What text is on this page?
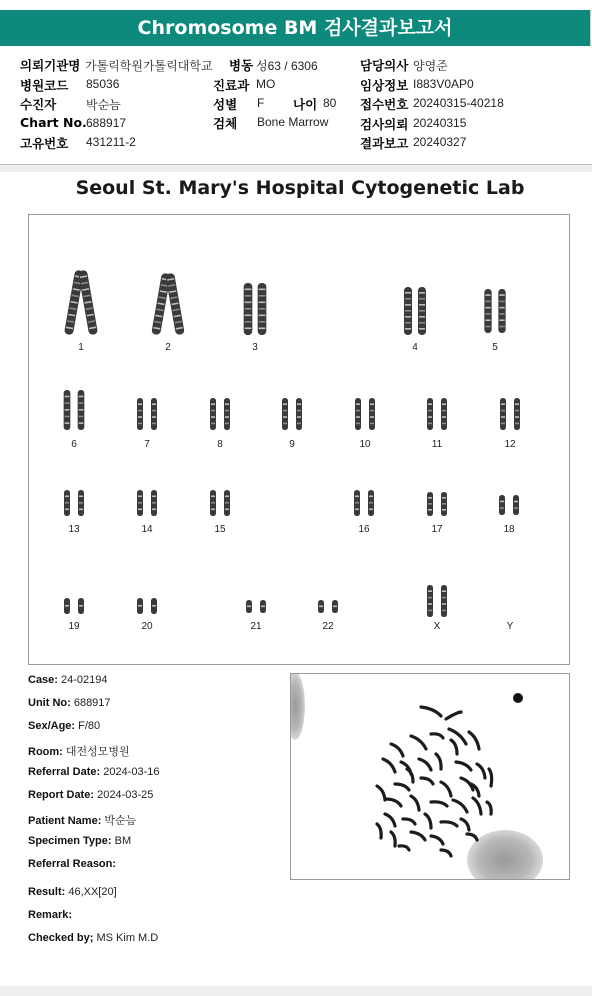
Chromosome BM 검사결과보고서
의뢰기관명 가톨릭학원가톨릭대학교 병동 성63 / 6306	담당의사 양영준
병원코드 85036	진료과 MO	임상정보 I883V0AP0
수진자 박순늠	성별 F 나이 80 접수번호 20240315-40218
Chart No. 688917	검체 Bone Marrow	검사의뢰 20240315
고유번호 431211-2	결과보고 20240327
Seoul St. Mary's Hospital Cytogenetic Lab
1	2	3	4	5
6	7	8	9	10	11	12
13	14	15	16	17	18
19	20	21	22	X	Y
Case: 24-02194
Unit No: 688917
Sex/Age: F/80
Room: 대전성모병원
Referral Date: 2024-03-16
Report Date: 2024-03-25
Patient Name: 박순늠
Specimen Type: BM
Referral Reason:
Result: 46,XX[20]
Remark:
Checked by; MS Kim M.D
